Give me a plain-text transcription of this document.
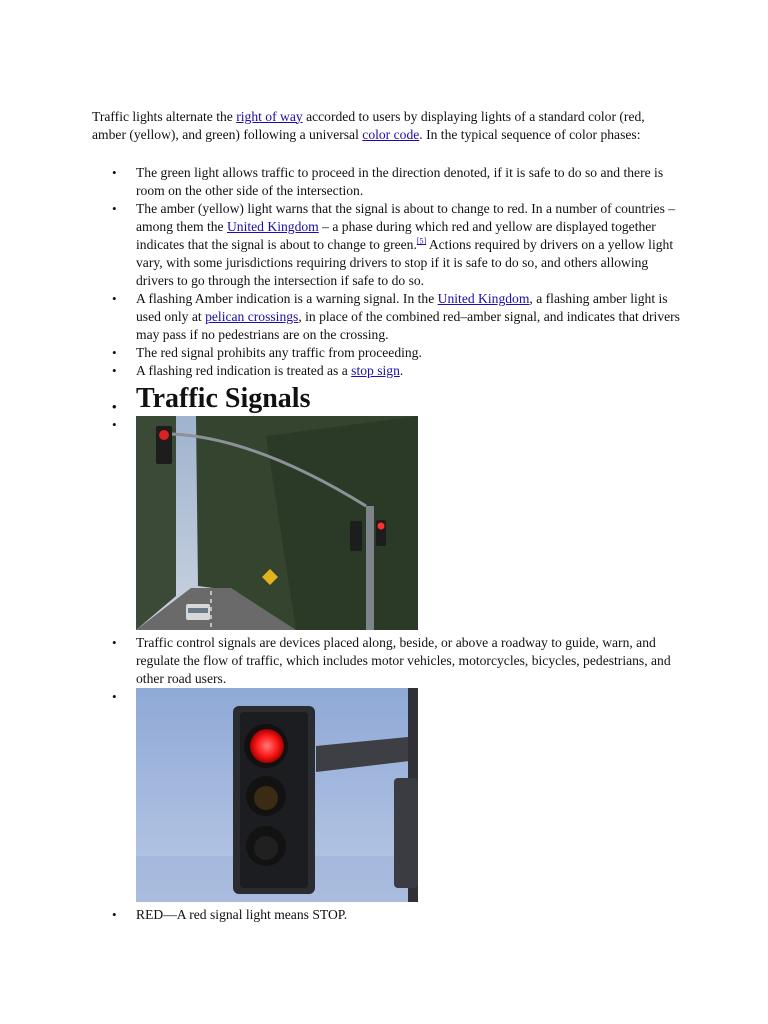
Traffic lights alternate the right of way accorded to users by displaying lights of a standard color (red, amber (yellow), and green) following a universal color code. In the typical sequence of color phases:

•	The green light allows traffic to proceed in the direction denoted, if it is safe to do so and there is room on the other side of the intersection.
•	The amber (yellow) light warns that the signal is about to change to red. In a number of countries – among them the United Kingdom – a phase during which red and yellow are displayed together indicates that the signal is about to change to green.[5] Actions required by drivers on a yellow light vary, with some jurisdictions requiring drivers to stop if it is safe to do so, and others allowing drivers to go through the intersection if safe to do so.
•	A flashing Amber indication is a warning signal. In the United Kingdom, a flashing amber light is used only at pelican crossings, in place of the combined red–amber signal, and indicates that drivers may pass if no pedestrians are on the crossing.
•	The red signal prohibits any traffic from proceeding.
•	A flashing red indication is treated as a stop sign.
• Traffic Signals
•
•	Traffic control signals are devices placed along, beside, or above a roadway to guide, warn, and regulate the flow of traffic, which includes motor vehicles, motorcycles, bicycles, pedestrians, and other road users.
•
•	RED—A red signal light means STOP.
